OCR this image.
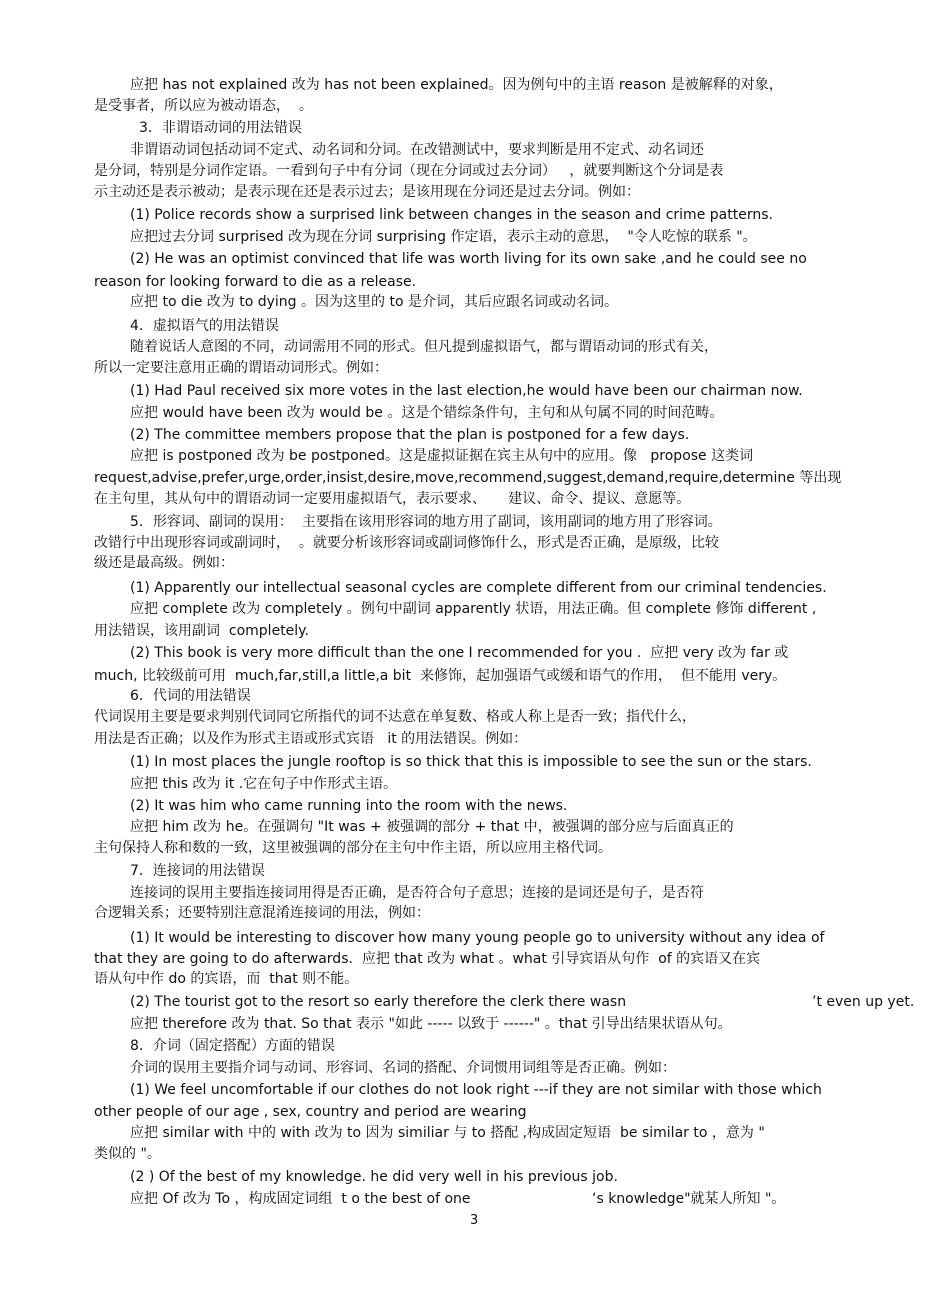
应把 has not explained 改为 has not been explained。因为例句中的主语 reason 是被解释的对象，
是受事者，所以应为被动语态，  。
3．非谓语动词的用法错误
非谓语动词包括动词不定式、动名词和分词。在改错测试中，要求判断是用不定式、动名词还
是分词，特别是分词作定语。一看到句子中有分词（现在分词或过去分词）   ，就要判断这个分词是表
示主动还是表示被动；是表示现在还是表示过去；是该用现在分词还是过去分词。例如：
(1) Police records show a surprised link between changes in the season and crime patterns.
应把过去分词 surprised 改为现在分词 surprising 作定语，表示主动的意思，  "令人吃惊的联系 "。
(2) He was an optimist convinced that life was worth living for its own sake ,and he could see no
reason for looking forward to die as a release.
应把 to die 改为 to dying 。因为这里的 to 是介词，其后应跟名词或动名词。
4．虚拟语气的用法错误
随着说话人意图的不同，动词需用不同的形式。但凡提到虚拟语气，都与谓语动词的形式有关，
所以一定要注意用正确的谓语动词形式。例如：
(1) Had Paul received six more votes in the last election,he would have been our chairman now.
应把 would have been 改为 would be 。这是个错综条件句，主句和从句属不同的时间范畴。
(2) The committee members propose that the plan is postponed for a few days.
应把 is postponed 改为 be postponed。这是虚拟证据在宾主从句中的应用。像   propose 这类词
request,advise,prefer,urge,order,insist,desire,move,recommend,suggest,demand,require,determine 等出现
在主句里，其从句中的谓语动词一定要用虚拟语气，表示要求、     建议、命令、提议、意愿等。
5．形容词、副词的误用：  主要指在该用形容词的地方用了副词，该用副词的地方用了形容词。
改错行中出现形容词或副词时，  。就要分析该形容词或副词修饰什么，形式是否正确，是原级，比较
级还是最高级。例如：
(1) Apparently our intellectual seasonal cycles are complete different from our criminal tendencies.
应把 complete 改为 completely 。例句中副词 apparently 状语，用法正确。但 complete 修饰 different ,
用法错误，该用副词  completely.
(2) This book is very more difficult than the one I recommended for you .  应把 very 改为 far 或
much, 比较级前可用  much,far,still,a little,a bit  来修饰，起加强语气或缓和语气的作用，  但不能用 very。
6．代词的用法错误
代词误用主要是要求判别代词同它所指代的词不达意在单复数、格或人称上是否一致；指代什么，
用法是否正确；以及作为形式主语或形式宾语   it 的用法错误。例如：
(1) In most places the jungle rooftop is so thick that this is impossible to see the sun or the stars.
应把 this 改为 it .它在句子中作形式主语。
(2) It was him who came running into the room with the news.
应把 him 改为 he。在强调句 "It was + 被强调的部分 + that 中，被强调的部分应与后面真正的
主句保持人称和数的一致，这里被强调的部分在主句中作主语，所以应用主格代词。
7．连接词的用法错误
连接词的误用主要指连接词用得是否正确，是否符合句子意思；连接的是词还是句子，是否符
合逻辑关系；还要特别注意混淆连接词的用法，例如：
(1) It would be interesting to discover how many young people go to university without any idea of
that they are going to do afterwards.  应把 that 改为 what 。what 引导宾语从句作  of 的宾语又在宾
语从句中作 do 的宾语，而  that 则不能。
(2) The tourist got to the resort so early therefore the clerk there wasn	’t even up yet.
应把 therefore 改为 that. So that 表示 "如此 ----- 以致于 ------" 。that 引导出结果状语从句。
8．介词（固定搭配）方面的错误
介词的误用主要指介词与动词、形容词、名词的搭配、介词惯用词组等是否正确。例如：
(1) We feel uncomfortable if our clothes do not look right ---if they are not similar with those which
other people of our age , sex, country and period are wearing
应把 similar with 中的 with 改为 to 因为 similiar 与 to 搭配 ,构成固定短语  be similar to ，意为 "
类似的 "。
(2 ) Of the best of my knowledge. he did very well in his previous job.
应把 Of 改为 To ，构成固定词组  t o the best of one	‘s knowledge"就某人所知 "。
3
